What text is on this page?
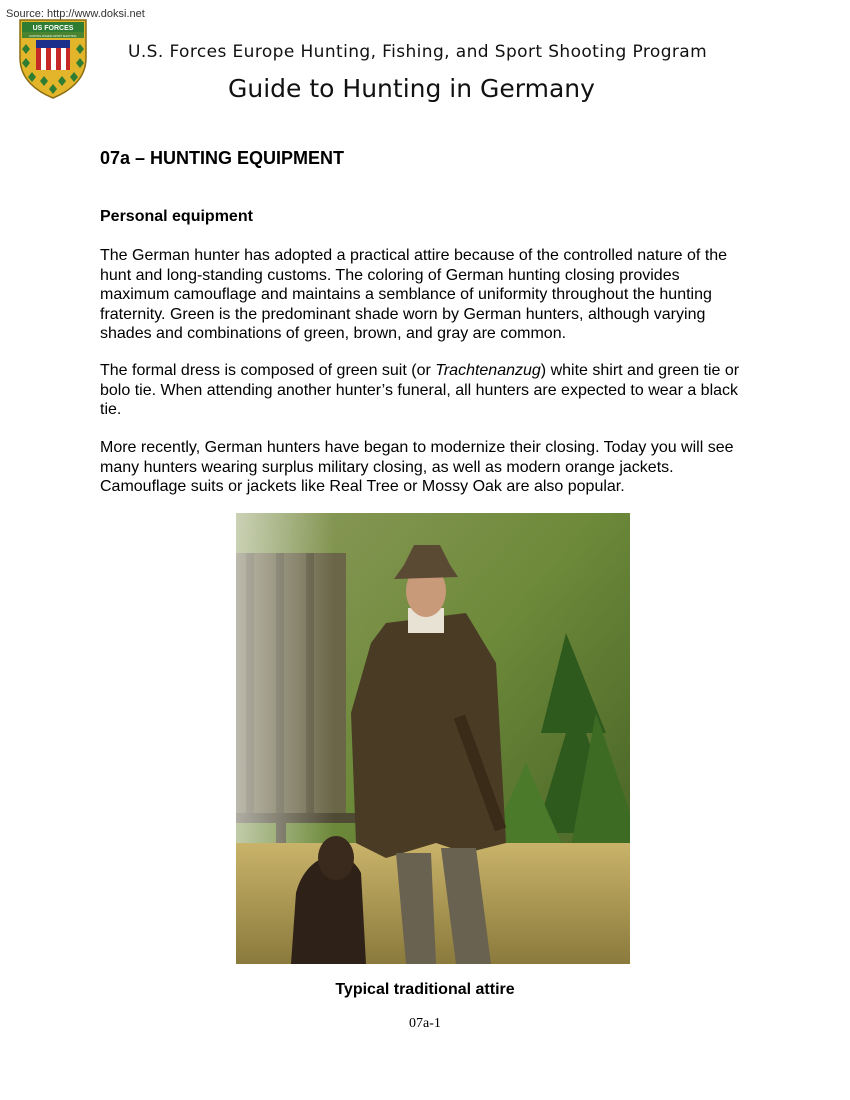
Source: http://www.doksi.net
US FORCES
HUNTING FISHING SPORT SHOOTING
U.S. Forces Europe Hunting, Fishing, and Sport Shooting Program
Guide to Hunting in Germany
07a – HUNTING EQUIPMENT
Personal equipment

The German hunter has adopted a practical attire because of the controlled nature of the hunt and long-standing customs. The coloring of German hunting closing provides maximum camouflage and maintains a semblance of uniformity throughout the hunting fraternity. Green is the predominant shade worn by German hunters, although varying shades and combinations of green, brown, and gray are common.

The formal dress is composed of green suit (or Trachtenanzug) white shirt and green tie or bolo tie. When attending another hunter’s funeral, all hunters are expected to wear a black tie.

More recently, German hunters have began to modernize their closing. Today you will see many hunters wearing surplus military closing, as well as modern orange jackets. Camouflage suits or jackets like Real Tree or Mossy Oak are also popular.

Typical traditional attire
07a-1
